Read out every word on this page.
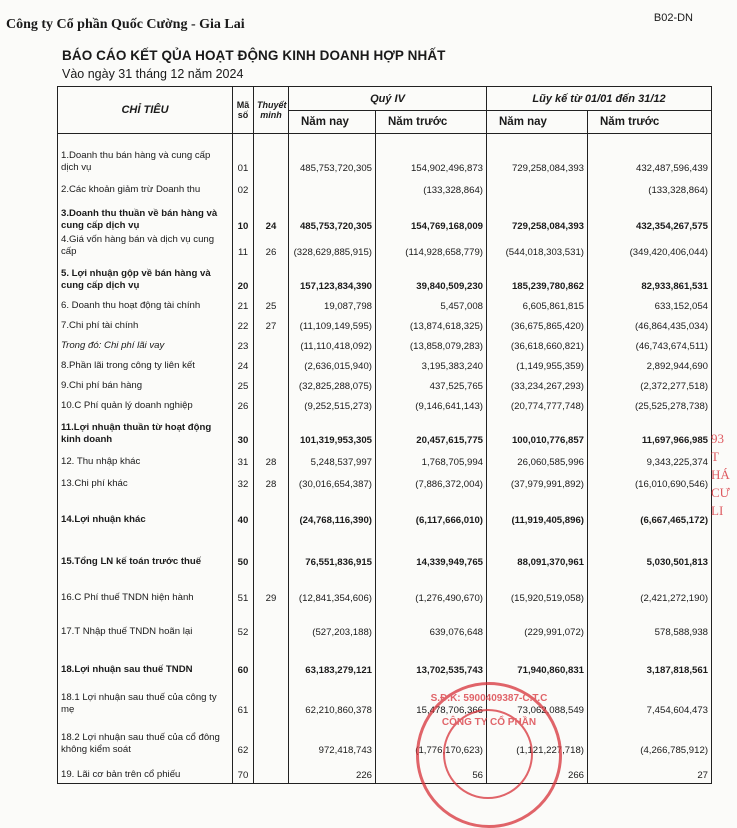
Công ty Cổ phần Quốc Cường - Gia Lai	B02-DN
BÁO CÁO KẾT QỦA HOẠT ĐỘNG KINH DOANH HỢP NHẤT
Vào ngày 31 tháng 12 năm 2024
CHỈ TIÊU	Mã số	Thuyết minh	Quý IV		Lũy kế từ 01/01 đến 31/12	
			Năm nay	Năm trước	Năm nay	Năm trước
1.Doanh thu bán hàng và cung cấp dịch vụ	01		485,753,720,305	154,902,496,873	729,258,084,393	432,487,596,439
2.Các khoản giảm trừ Doanh thu	02			(133,328,864)		(133,328,864)
3.Doanh thu thuần về bán hàng và cung cấp dịch vụ	10	24	485,753,720,305	154,769,168,009	729,258,084,393	432,354,267,575
4.Giá vốn hàng bán và dịch vụ cung cấp	11	26	(328,629,885,915)	(114,928,658,779)	(544,018,303,531)	(349,420,406,044)
5. Lợi nhuận gộp về bán hàng và cung cấp dịch vụ	20		157,123,834,390	39,840,509,230	185,239,780,862	82,933,861,531
6. Doanh thu hoạt động tài chính	21	25	19,087,798	5,457,008	6,605,861,815	633,152,054
7.Chi phí tài chính	22	27	(11,109,149,595)	(13,874,618,325)	(36,675,865,420)	(46,864,435,034)
Trong đó: Chi phí lãi vay	23		(11,110,418,092)	(13,858,079,283)	(36,618,660,821)	(46,743,674,511)
8.Phần lãi trong công ty liên kết	24		(2,636,015,940)	3,195,383,240	(1,149,955,359)	2,892,944,690
9.Chi phí bán hàng	25		(32,825,288,075)	437,525,765	(33,234,267,293)	(2,372,277,518)
10.C Phí quản lý doanh nghiệp	26		(9,252,515,273)	(9,146,641,143)	(20,774,777,748)	(25,525,278,738)
11.Lợi nhuận thuần từ hoạt động kinh doanh	30		101,319,953,305	20,457,615,775	100,010,776,857	11,697,966,985
12. Thu nhập khác	31	28	5,248,537,997	1,768,705,994	26,060,585,996	9,343,225,374
13.Chi phí khác	32	28	(30,016,654,387)	(7,886,372,004)	(37,979,991,892)	(16,010,690,546)
14.Lợi nhuận khác	40		(24,768,116,390)	(6,117,666,010)	(11,919,405,896)	(6,667,465,172)
15.Tổng LN kế toán trước thuế	50		76,551,836,915	14,339,949,765	88,091,370,961	5,030,501,813
16.C Phí thuế TNDN hiện hành	51	29	(12,841,354,606)	(1,276,490,670)	(15,920,519,058)	(2,421,272,190)
17.T Nhập thuế TNDN hoãn lại	52		(527,203,188)	639,076,648	(229,991,072)	578,588,938
18.Lợi nhuận sau thuế TNDN	60		63,183,279,121	13,702,535,743	71,940,860,831	3,187,818,561
18.1 Lợi nhuận sau thuế của công ty mẹ	61		62,210,860,378	15,478,706,366	73,062,088,549	7,454,604,473
18.2 Lợi nhuận sau thuế của cổ đông không kiểm soát	62		972,418,743	(1,776,170,623)	(1,121,227,718)	(4,266,785,912)
19. Lãi cơ bản trên cổ phiếu	70		226	56	266	27
S.Đ.K: 5900409387-C.T.C
CÔNG TY CỔ PHẦN
93
T
HÁ
CƯ
LI
